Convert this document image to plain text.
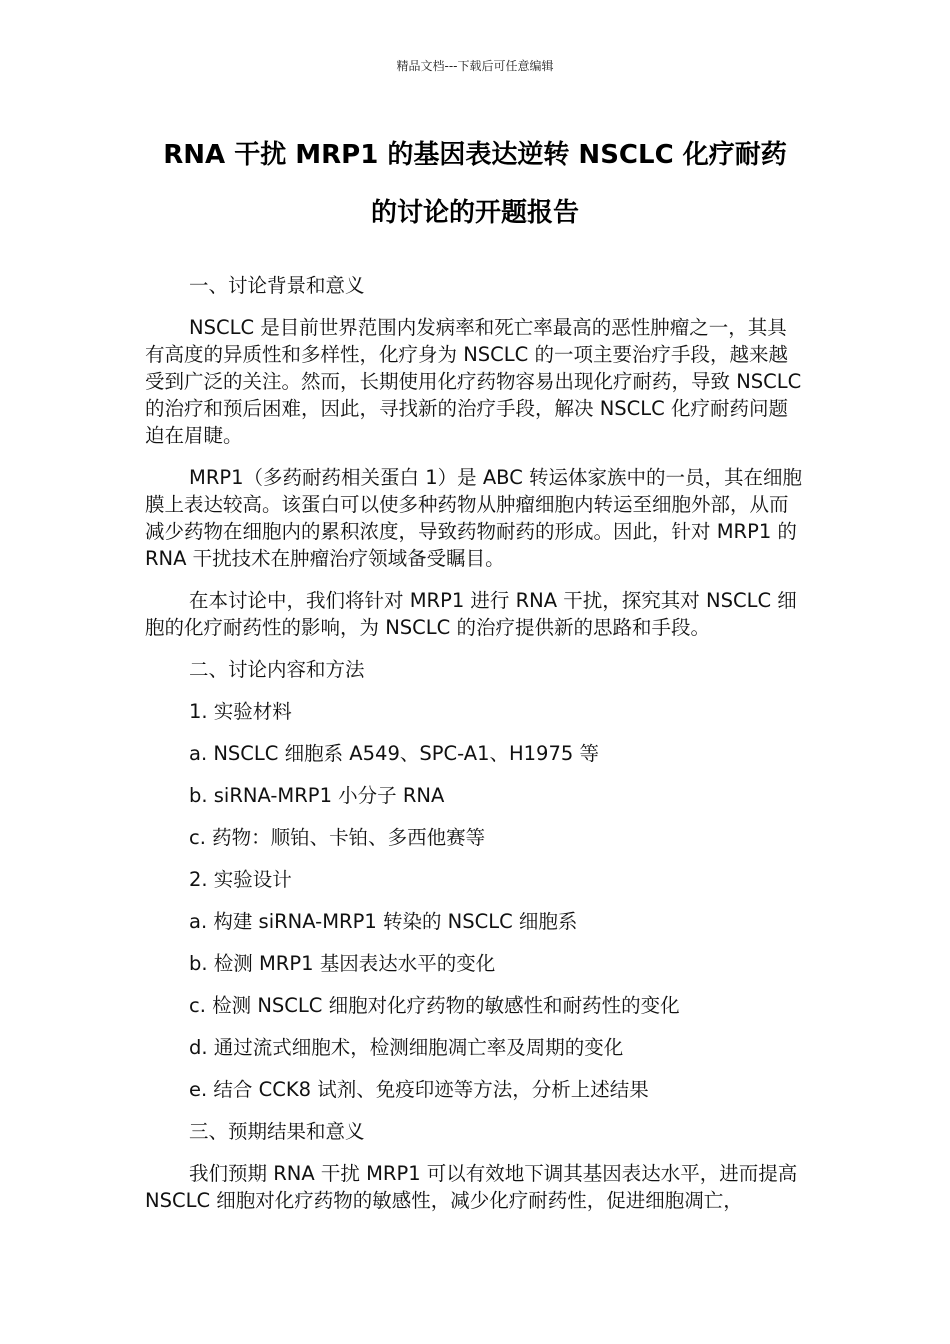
精品文档---下载后可任意编辑
RNA 干扰 MRP1 的基因表达逆转 NSCLC 化疗耐药
的讨论的开题报告

一、讨论背景和意义

NSCLC 是目前世界范围内发病率和死亡率最高的恶性肿瘤之一，其具有高度的异质性和多样性，化疗身为 NSCLC 的一项主要治疗手段，越来越受到广泛的关注。然而，长期使用化疗药物容易出现化疗耐药，导致 NSCLC 的治疗和预后困难，因此，寻找新的治疗手段，解决 NSCLC 化疗耐药问题迫在眉睫。

MRP1（多药耐药相关蛋白 1）是 ABC 转运体家族中的一员，其在细胞膜上表达较高。该蛋白可以使多种药物从肿瘤细胞内转运至细胞外部，从而减少药物在细胞内的累积浓度，导致药物耐药的形成。因此，针对 MRP1 的 RNA 干扰技术在肿瘤治疗领域备受瞩目。

在本讨论中，我们将针对 MRP1 进行 RNA 干扰，探究其对 NSCLC 细胞的化疗耐药性的影响，为 NSCLC 的治疗提供新的思路和手段。

二、讨论内容和方法

1. 实验材料

a. NSCLC 细胞系 A549、SPC-A1、H1975 等

b. siRNA-MRP1 小分子 RNA

c. 药物：顺铂、卡铂、多西他赛等

2. 实验设计

a. 构建 siRNA-MRP1 转染的 NSCLC 细胞系

b. 检测 MRP1 基因表达水平的变化

c. 检测 NSCLC 细胞对化疗药物的敏感性和耐药性的变化

d. 通过流式细胞术，检测细胞凋亡率及周期的变化

e. 结合 CCK8 试剂、免疫印迹等方法，分析上述结果

三、预期结果和意义

我们预期 RNA 干扰 MRP1 可以有效地下调其基因表达水平，进而提高 NSCLC 细胞对化疗药物的敏感性，减少化疗耐药性，促进细胞凋亡，
